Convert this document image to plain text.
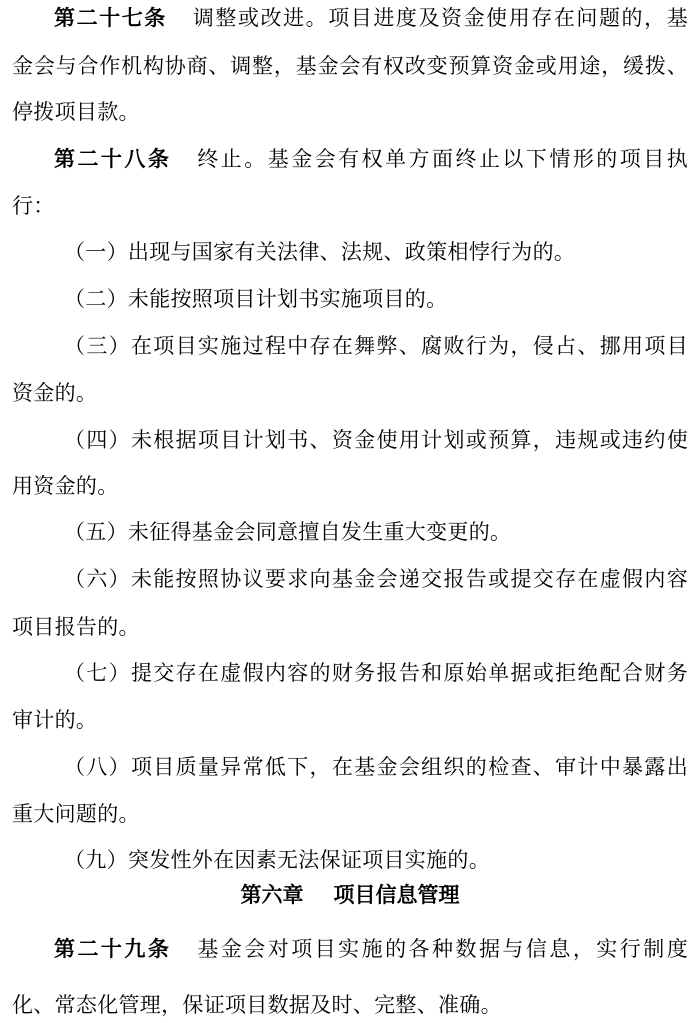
第二十七条 调整或改进。项目进度及资金使用存在问题的，基
金会与合作机构协商、调整，基金会有权改变预算资金或用途，缓拨、
停拨项目款。
第二十八条 终止。基金会有权单方面终止以下情形的项目执
行：
（一）出现与国家有关法律、法规、政策相悖行为的。
（二）未能按照项目计划书实施项目的。
（三）在项目实施过程中存在舞弊、腐败行为，侵占、挪用项目
资金的。
（四）未根据项目计划书、资金使用计划或预算，违规或违约使
用资金的。
（五）未征得基金会同意擅自发生重大变更的。
（六）未能按照协议要求向基金会递交报告或提交存在虚假内容
项目报告的。
（七）提交存在虚假内容的财务报告和原始单据或拒绝配合财务
审计的。
（八）项目质量异常低下，在基金会组织的检查、审计中暴露出
重大问题的。
（九）突发性外在因素无法保证项目实施的。
第六章 项目信息管理
第二十九条 基金会对项目实施的各种数据与信息，实行制度
化、常态化管理，保证项目数据及时、完整、准确。
